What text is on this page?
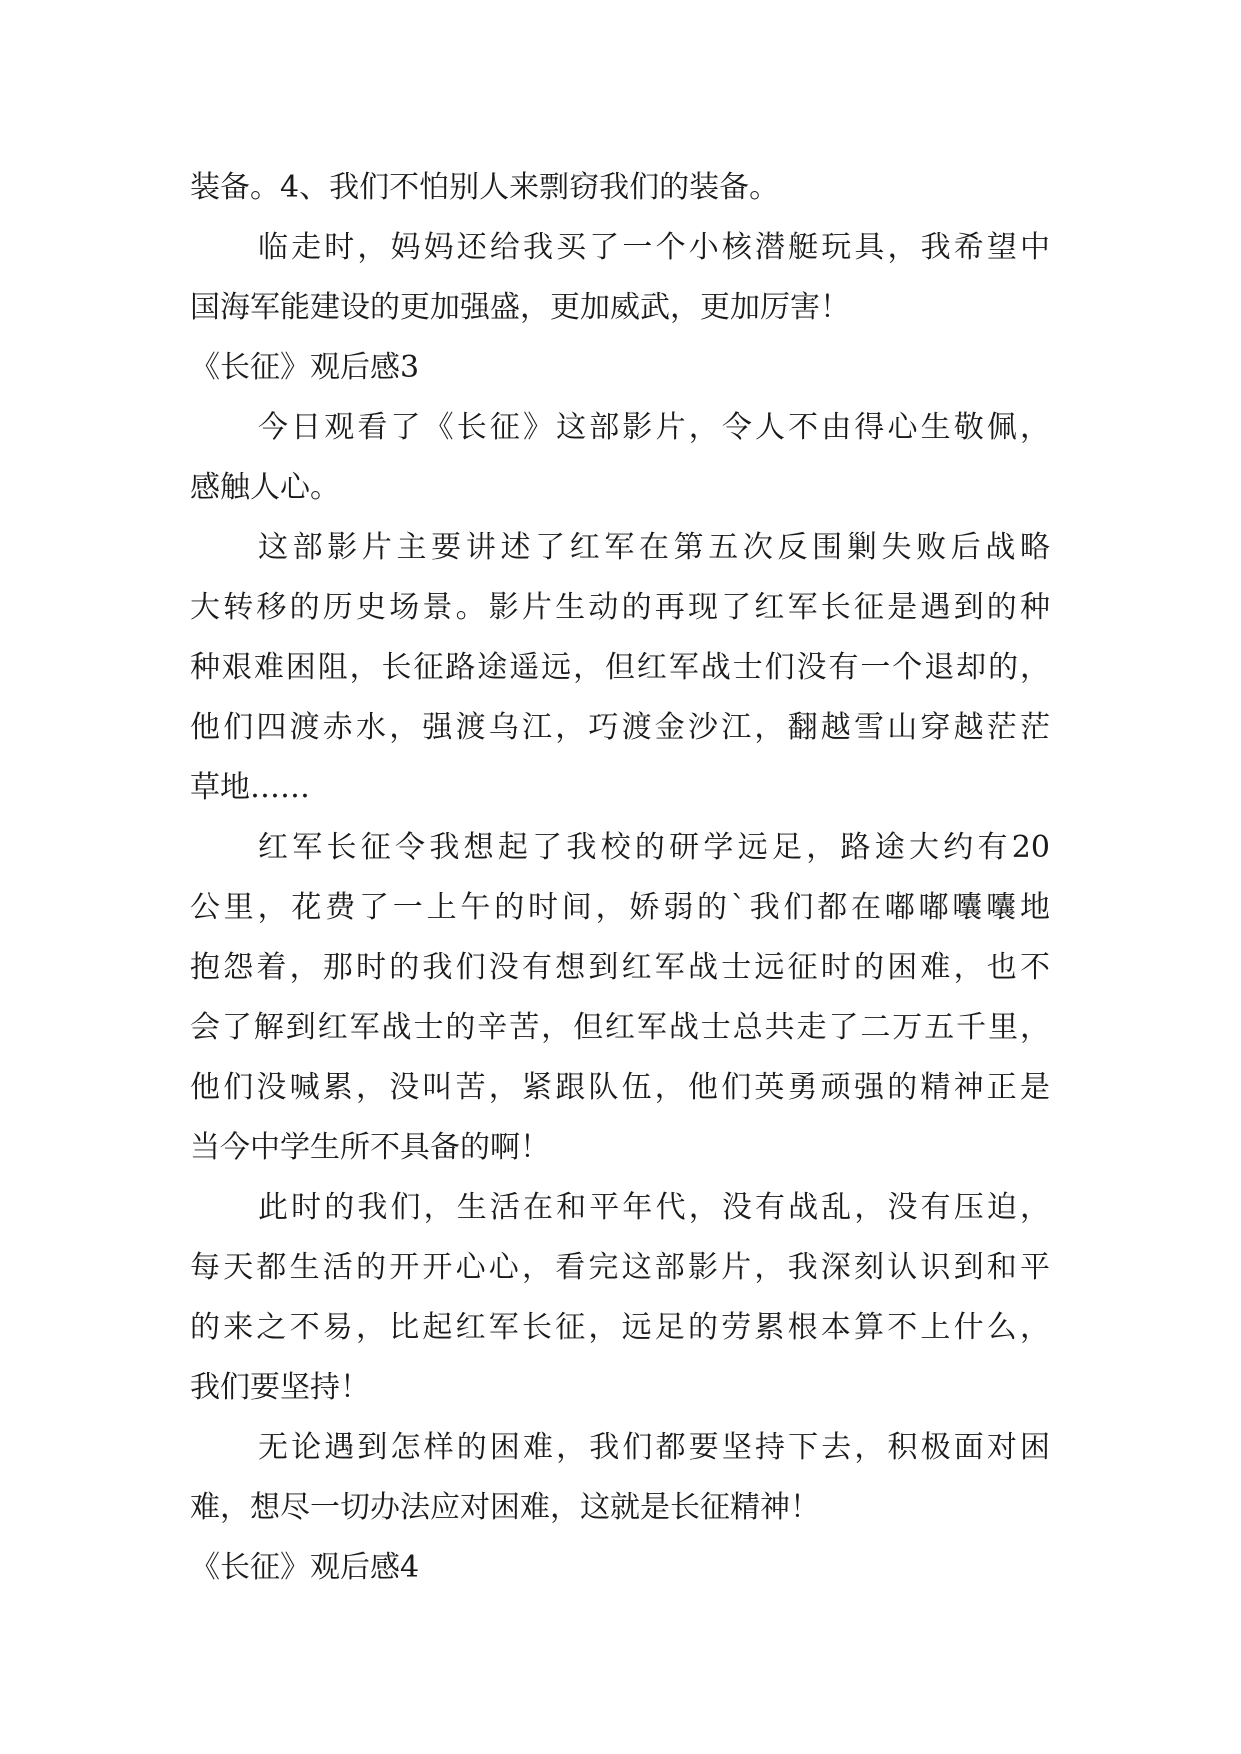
装备。4、我们不怕别人来剽窃我们的装备。
临走时，妈妈还给我买了一个小核潜艇玩具，我希望中
国海军能建设的更加强盛，更加威武，更加厉害！
《长征》观后感3
今日观看了《长征》这部影片，令人不由得心生敬佩，
感触人心。
这部影片主要讲述了红军在第五次反围剿失败后战略
大转移的历史场景。影片生动的再现了红军长征是遇到的种
种艰难困阻，长征路途遥远，但红军战士们没有一个退却的，
他们四渡赤水，强渡乌江，巧渡金沙江，翻越雪山穿越茫茫
草地……
红军长征令我想起了我校的研学远足，路途大约有20
公里，花费了一上午的时间，娇弱的`我们都在嘟嘟囔囔地
抱怨着，那时的我们没有想到红军战士远征时的困难，也不
会了解到红军战士的辛苦，但红军战士总共走了二万五千里，
他们没喊累，没叫苦，紧跟队伍，他们英勇顽强的精神正是
当今中学生所不具备的啊！
此时的我们，生活在和平年代，没有战乱，没有压迫，
每天都生活的开开心心，看完这部影片，我深刻认识到和平
的来之不易，比起红军长征，远足的劳累根本算不上什么，
我们要坚持！
无论遇到怎样的困难，我们都要坚持下去，积极面对困
难，想尽一切办法应对困难，这就是长征精神！
《长征》观后感4
